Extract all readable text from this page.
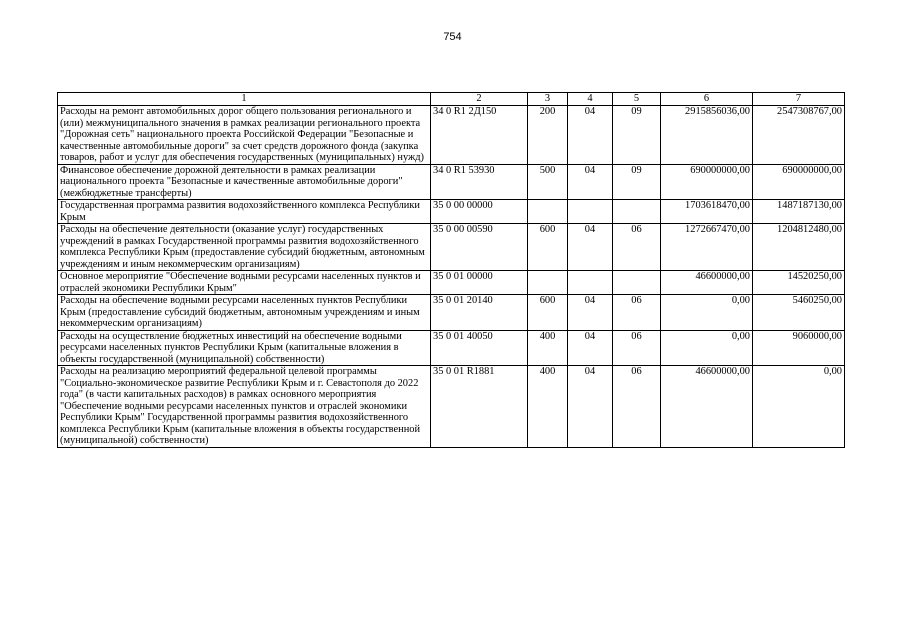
754
1	2	3	4	5	6	7
Расходы на ремонт автомобильных дорог общего пользования регионального и (или) межмуниципального значения в рамках реализации регионального проекта "Дорожная сеть" национального проекта Российской Федерации "Безопасные и качественные автомобильные дороги" за счет средств дорожного фонда (закупка товаров, работ и услуг для обеспечения государственных (муниципальных) нужд)	34 0 R1 2Д150	200	04	09	2915856036,00	2547308767,00
Финансовое обеспечение дорожной деятельности в рамках реализации национального проекта "Безопасные и качественные автомобильные дороги" (межбюджетные трансферты)	34 0 R1 53930	500	04	09	690000000,00	690000000,00
Государственная программа развития водохозяйственного комплекса Республики Крым	35 0 00 00000				1703618470,00	1487187130,00
Расходы на обеспечение деятельности (оказание услуг) государственных учреждений в рамках Государственной программы развития водохозяйственного комплекса Республики Крым (предоставление субсидий бюджетным, автономным учреждениям и иным некоммерческим организациям)	35 0 00 00590	600	04	06	1272667470,00	1204812480,00
Основное мероприятие "Обеспечение водными ресурсами населенных пунктов и отраслей экономики Республики Крым"	35 0 01 00000				46600000,00	14520250,00
Расходы на обеспечение водными ресурсами населенных пунктов Республики Крым (предоставление субсидий бюджетным, автономным учреждениям и иным некоммерческим организациям)	35 0 01 20140	600	04	06	0,00	5460250,00
Расходы на осуществление бюджетных инвестиций на обеспечение водными ресурсами населенных пунктов Республики Крым (капитальные вложения в объекты государственной (муниципальной) собственности)	35 0 01 40050	400	04	06	0,00	9060000,00
Расходы на реализацию мероприятий федеральной целевой программы "Социально-экономическое развитие Республики Крым и г. Севастополя до 2022 года" (в части капитальных расходов) в рамках основного мероприятия "Обеспечение водными ресурсами населенных пунктов и отраслей экономики Республики Крым" Государственной программы развития водохозяйственного комплекса Республики Крым (капитальные вложения в объекты государственной (муниципальной) собственности)	35 0 01 R1881	400	04	06	46600000,00	0,00
